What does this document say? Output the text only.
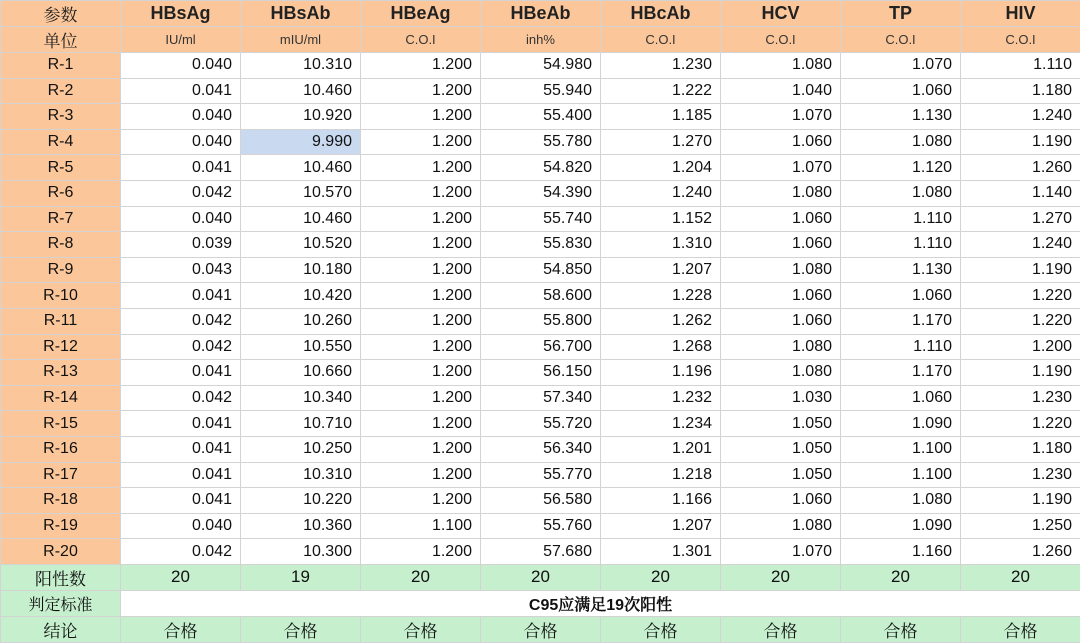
参数	HBsAg	HBsAb	HBeAg	HBeAb	HBcAb	HCV	TP	HIV
单位	IU/ml	mIU/ml	C.O.I	inh%	C.O.I	C.O.I	C.O.I	C.O.I
R-1	0.040	10.310	1.200	54.980	1.230	1.080	1.070	1.110
R-2	0.041	10.460	1.200	55.940	1.222	1.040	1.060	1.180
R-3	0.040	10.920	1.200	55.400	1.185	1.070	1.130	1.240
R-4	0.040	9.990	1.200	55.780	1.270	1.060	1.080	1.190
R-5	0.041	10.460	1.200	54.820	1.204	1.070	1.120	1.260
R-6	0.042	10.570	1.200	54.390	1.240	1.080	1.080	1.140
R-7	0.040	10.460	1.200	55.740	1.152	1.060	1.110	1.270
R-8	0.039	10.520	1.200	55.830	1.310	1.060	1.110	1.240
R-9	0.043	10.180	1.200	54.850	1.207	1.080	1.130	1.190
R-10	0.041	10.420	1.200	58.600	1.228	1.060	1.060	1.220
R-11	0.042	10.260	1.200	55.800	1.262	1.060	1.170	1.220
R-12	0.042	10.550	1.200	56.700	1.268	1.080	1.110	1.200
R-13	0.041	10.660	1.200	56.150	1.196	1.080	1.170	1.190
R-14	0.042	10.340	1.200	57.340	1.232	1.030	1.060	1.230
R-15	0.041	10.710	1.200	55.720	1.234	1.050	1.090	1.220
R-16	0.041	10.250	1.200	56.340	1.201	1.050	1.100	1.180
R-17	0.041	10.310	1.200	55.770	1.218	1.050	1.100	1.230
R-18	0.041	10.220	1.200	56.580	1.166	1.060	1.080	1.190
R-19	0.040	10.360	1.100	55.760	1.207	1.080	1.090	1.250
R-20	0.042	10.300	1.200	57.680	1.301	1.070	1.160	1.260
阳性数	20	19	20	20	20	20	20	20
判定标准	C95应满足19次阳性							
结论	合格	合格	合格	合格	合格	合格	合格	合格
